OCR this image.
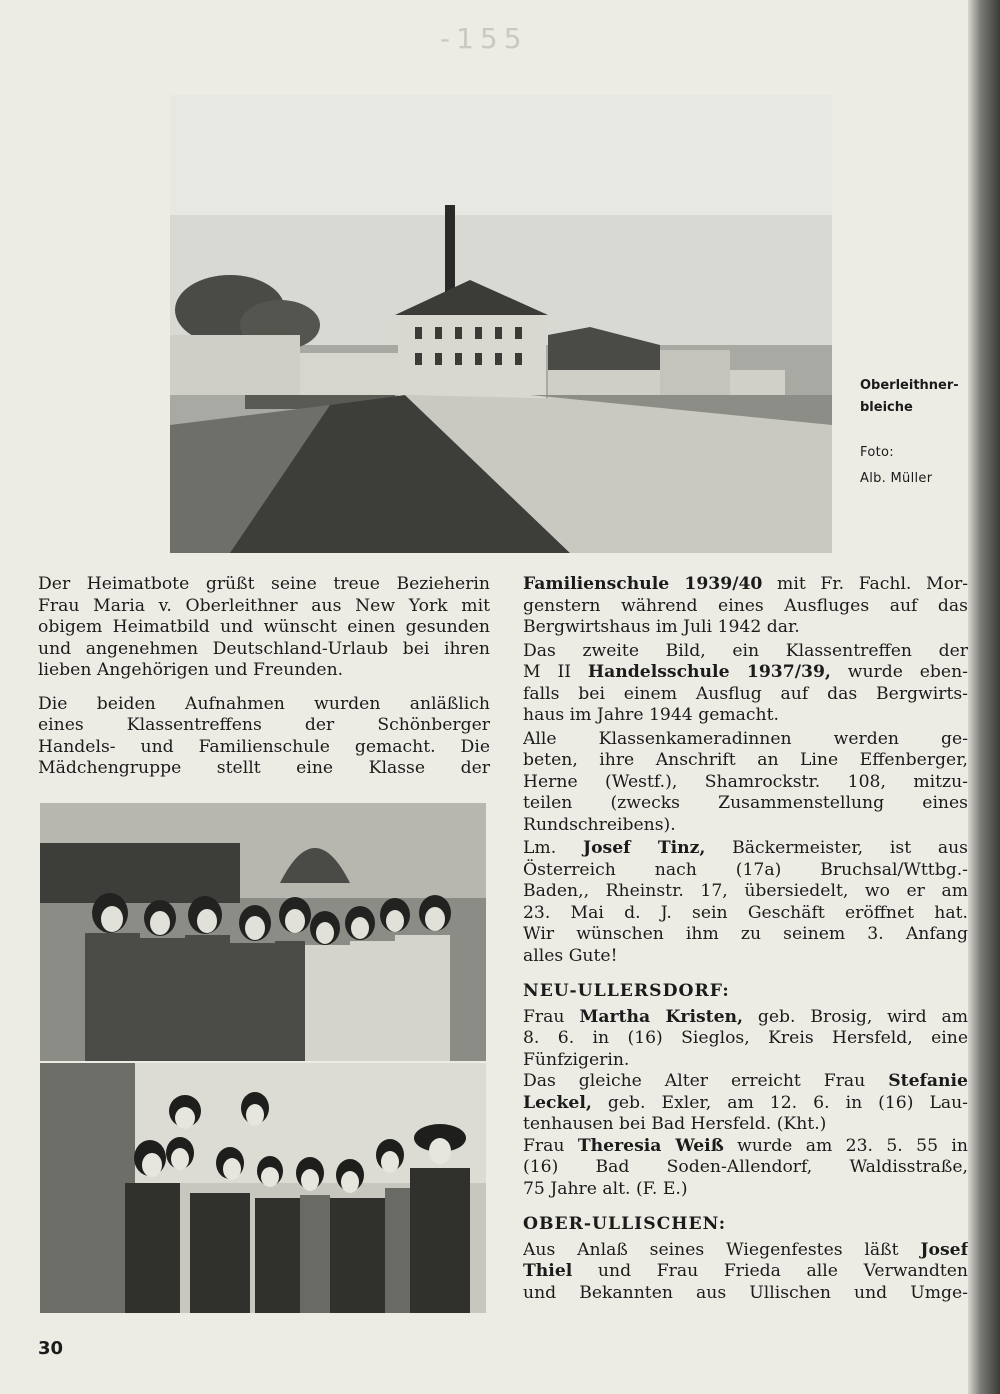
-155
Oberleithner-
bleiche
Foto:
Alb. Müller

Der Heimatbote grüßt seine treue Bezieherin
Frau Maria v. Oberleithner aus New York mit
obigem Heimatbild und wünscht einen gesunden
und angenehmen Deutschland-Urlaub bei ihren
lieben Angehörigen und Freunden.

Die beiden Aufnahmen wurden anläßlich
eines Klassentreffens der Schönberger
Handels- und Familienschule gemacht. Die
Mädchengruppe stellt eine Klasse der

Familienschule 1939/40 mit Fr. Fachl. Mor-
genstern während eines Ausfluges auf das
Bergwirtshaus im Juli 1942 dar.

Das zweite Bild, ein Klassentreffen der
M II Handelsschule 1937/39, wurde eben-
falls bei einem Ausflug auf das Bergwirts-
haus im Jahre 1944 gemacht.

Alle Klassenkameradinnen werden ge-
beten, ihre Anschrift an Line Effenberger,
Herne (Westf.), Shamrockstr. 108, mitzu-
teilen (zwecks Zusammenstellung eines
Rundschreibens).

Lm. Josef Tinz, Bäckermeister, ist aus
Österreich nach (17a) Bruchsal/Wttbg.-
Baden,, Rheinstr. 17, übersiedelt, wo er am
23. Mai d. J. sein Geschäft eröffnet hat.
Wir wünschen ihm zu seinem 3. Anfang
alles Gute!

NEU-ULLERSDORF:

Frau Martha Kristen, geb. Brosig, wird am
8. 6. in (16) Sieglos, Kreis Hersfeld, eine
Fünfzigerin.
Das gleiche Alter erreicht Frau Stefanie
Leckel, geb. Exler, am 12. 6. in (16) Lau-
tenhausen bei Bad Hersfeld. (Kht.)
Frau Theresia Weiß wurde am 23. 5. 55 in
(16) Bad Soden-Allendorf, Waldisstraße,
75 Jahre alt. (F. E.)

OBER-ULLISCHEN:

Aus Anlaß seines Wiegenfestes läßt Josef
Thiel und Frau Frieda alle Verwandten
und Bekannten aus Ullischen und Umge-

30
